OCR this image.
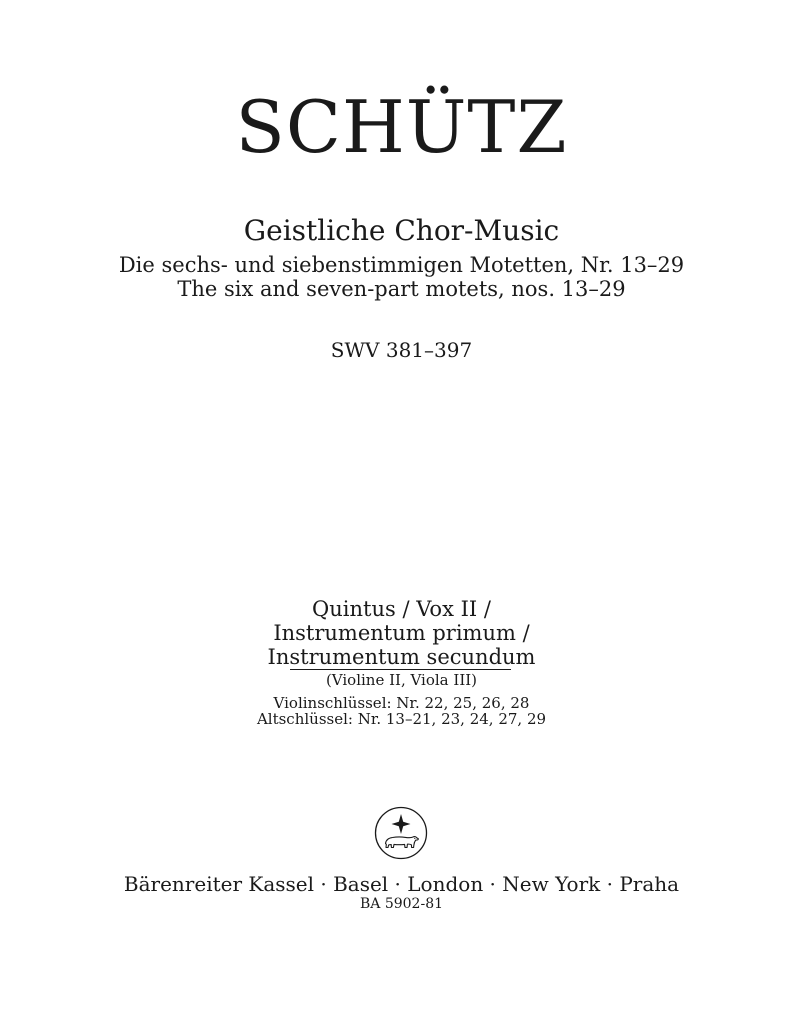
SCHÜTZ
Geistliche Chor-Music
Die sechs- und siebenstimmigen Motetten, Nr. 13–29
The six and seven-part motets, nos. 13–29
SWV 381–397
Quintus / Vox II /
Instrumentum primum /
Instrumentum secundum
(Violine II, Viola III)
Violinschlüssel: Nr. 22, 25, 26, 28
Altschlüssel: Nr. 13–21, 23, 24, 27, 29
Bärenreiter Kassel · Basel · London · New York · Praha
BA 5902-81
